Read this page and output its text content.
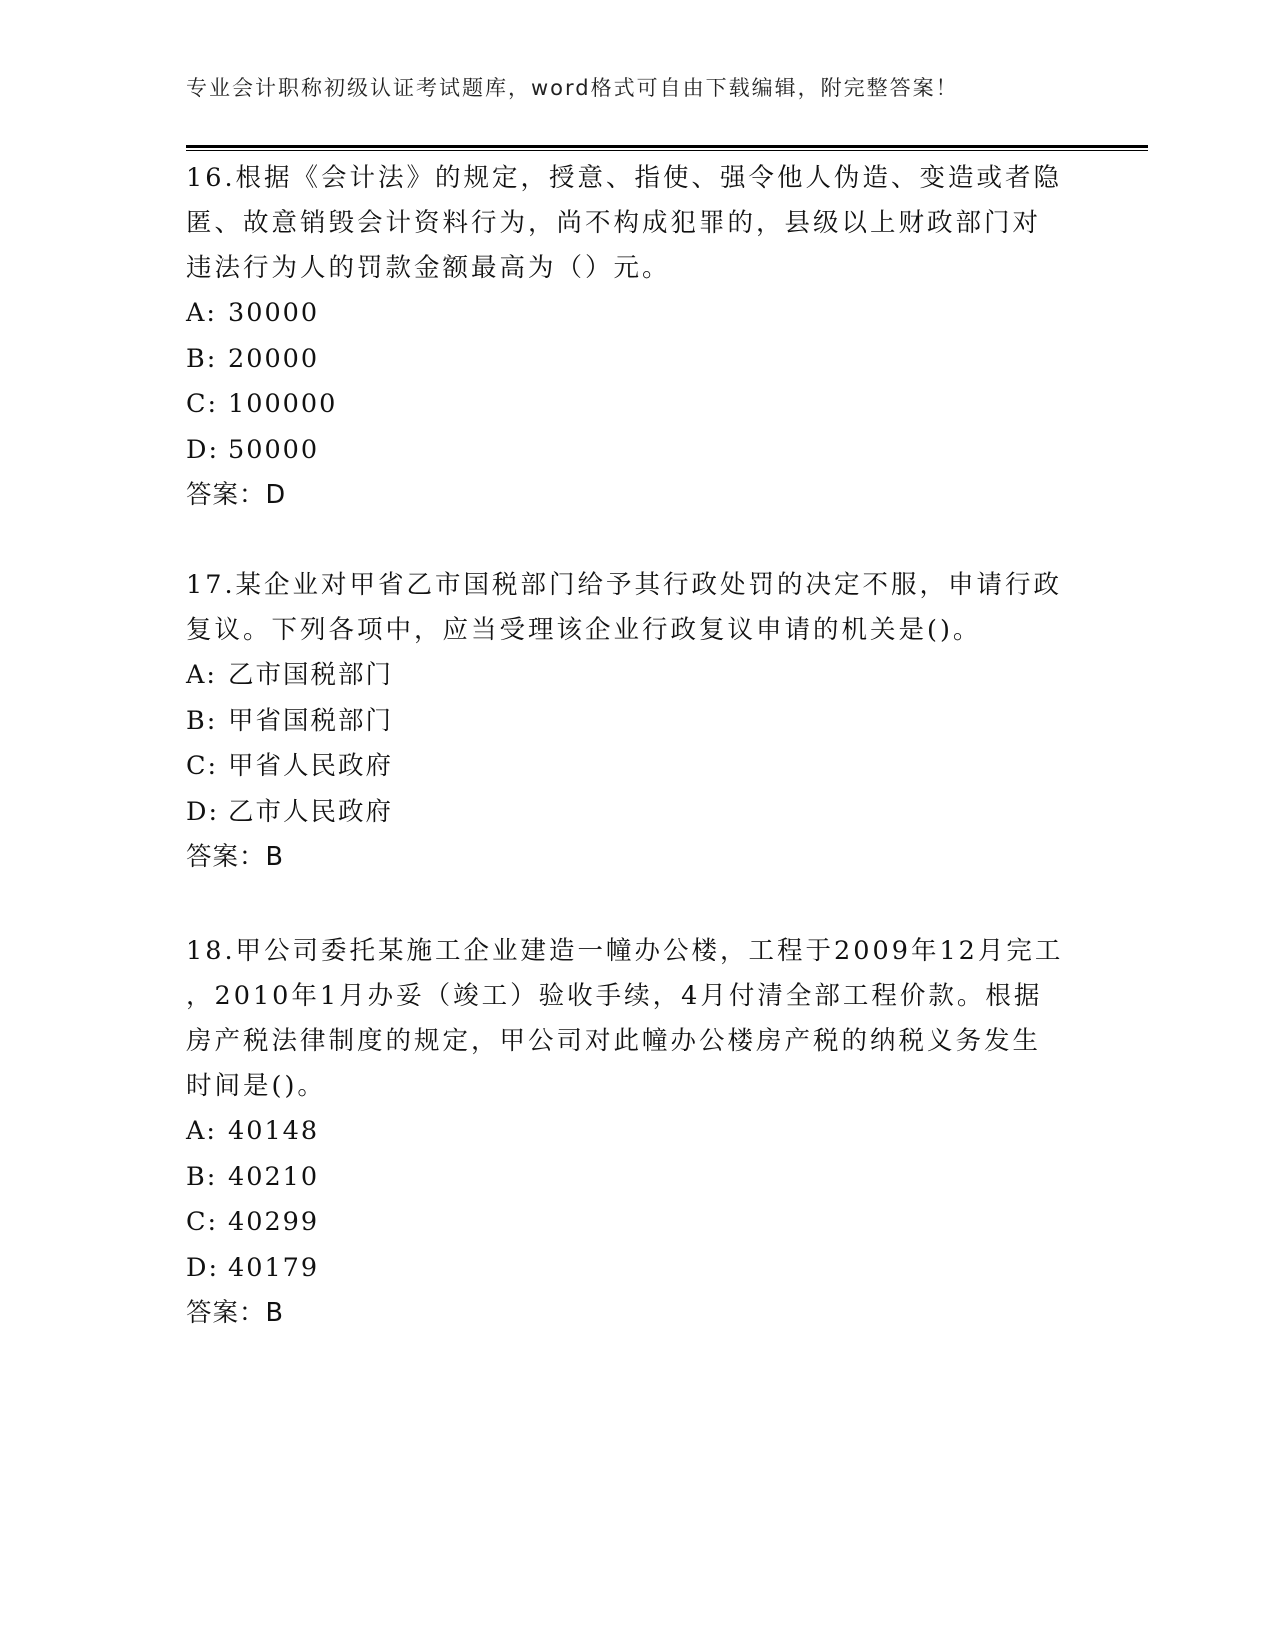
专业会计职称初级认证考试题库，word格式可自由下载编辑，附完整答案！

16.根据《会计法》的规定，授意、指使、强令他人伪造、变造或者隐

匿、故意销毁会计资料行为，尚不构成犯罪的，县级以上财政部门对

违法行为人的罚款金额最高为（）元。

A: 30000

B: 20000

C: 100000

D: 50000

答案：D

17.某企业对甲省乙市国税部门给予其行政处罚的决定不服，申请行政

复议。下列各项中，应当受理该企业行政复议申请的机关是()。

A: 乙市国税部门

B: 甲省国税部门

C: 甲省人民政府

D: 乙市人民政府

答案：B

18.甲公司委托某施工企业建造一幢办公楼，工程于2009年12月完工

，2010年1月办妥（竣工）验收手续，4月付清全部工程价款。根据

房产税法律制度的规定，甲公司对此幢办公楼房产税的纳税义务发生

时间是()。

A: 40148

B: 40210

C: 40299

D: 40179

答案：B
